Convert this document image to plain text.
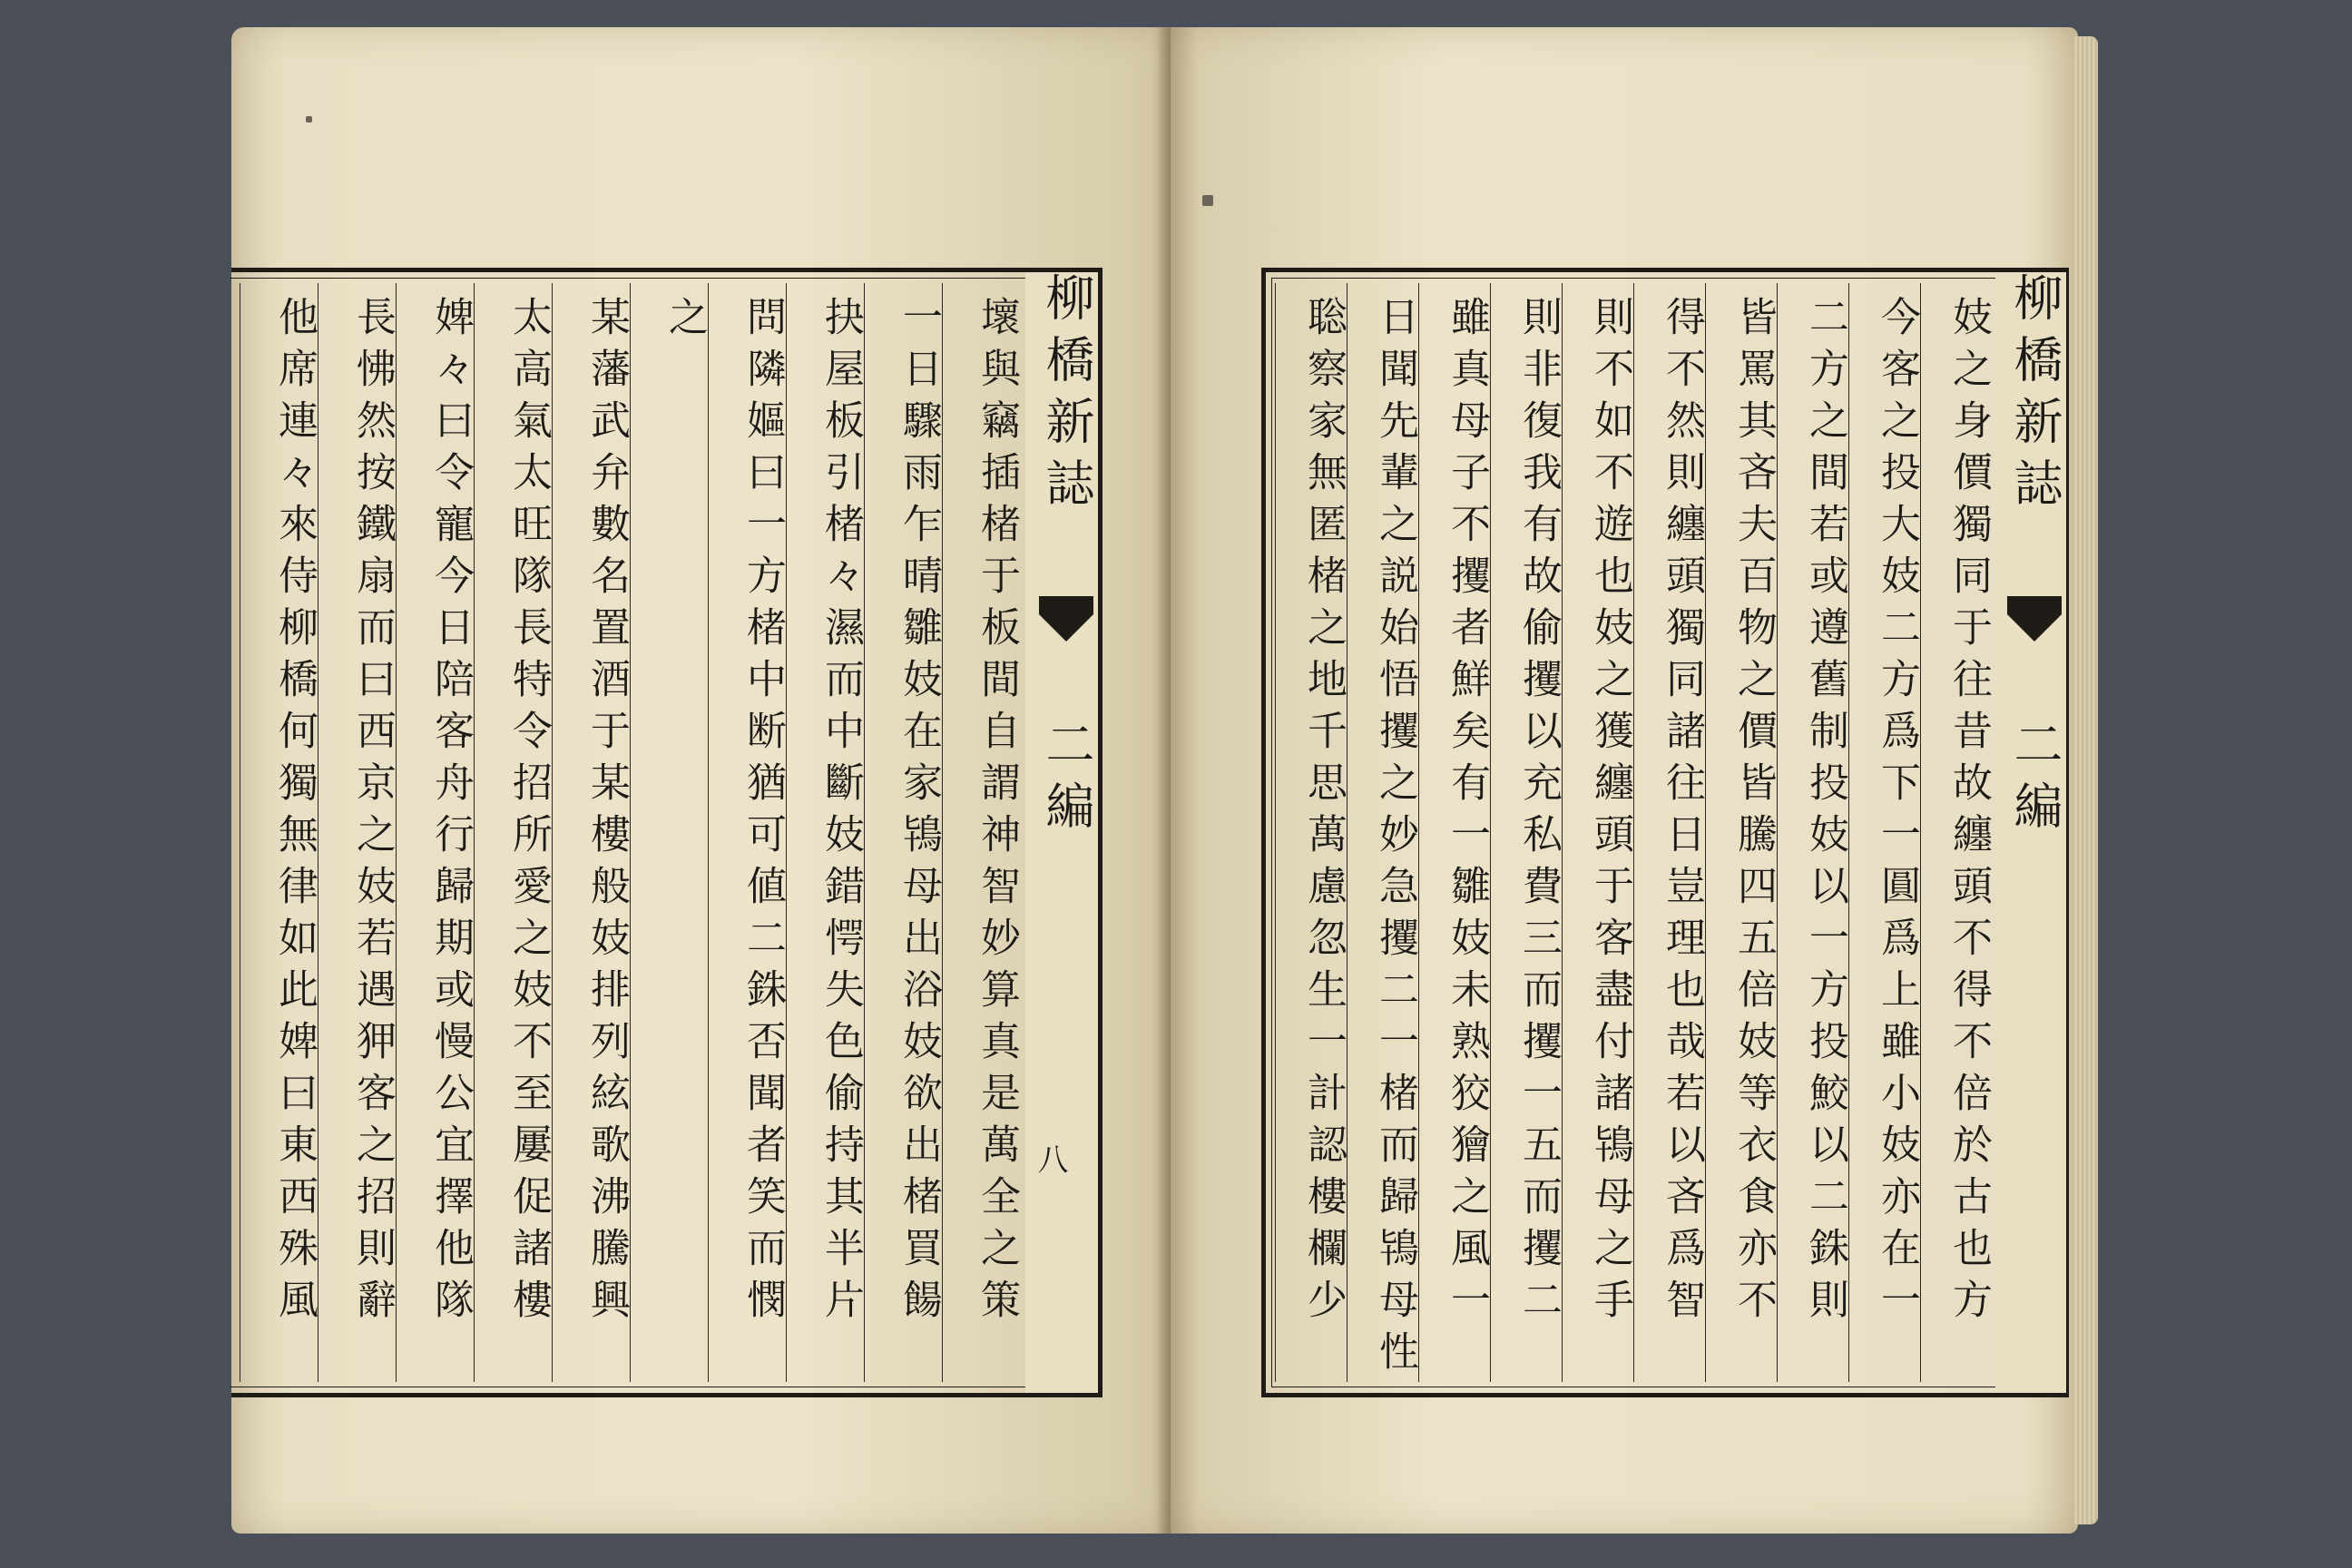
壞與竊插楮于板間自謂神智妙算真是萬全之策
一日驟雨乍晴雛妓在家鴇母出浴妓欲出楮買餳
抉屋板引楮々濕而中斷妓錯愕失色偷持其半片
問隣嫗曰一方楮中断猶可値二銖否聞者笑而憫
之
某藩武弁數名置酒于某樓般妓排列絃歌沸騰興
太高氣太旺隊長特令招所愛之妓不至屢促諸樓
婢々曰令寵今日陪客舟行歸期或慢公宜擇他隊
長怫然按鐵扇而曰西京之妓若遇狎客之招則辭
他席連々來侍柳橋何獨無律如此婢曰東西殊風	柳橋新誌  二編
八	妓之身價獨同于往昔故纏頭不得不倍於古也方
今客之投大妓二方爲下一圓爲上雖小妓亦在一
二方之間若或遵舊制投妓以一方投鮫以二銖則
皆罵其吝夫百物之價皆騰四五倍妓等衣食亦不
得不然則纏頭獨同諸往日豈理也哉若以吝爲智
則不如不遊也妓之獲纏頭于客盡付諸鴇母之手
則非復我有故偷攫以充私費三而攫一五而攫二
雖真母子不攫者鮮矣有一雛妓未熟狡獪之風一
日聞先輩之説始悟攫之妙急攫二一楮而歸鴇母性
聡察家無匿楮之地千思萬慮忽生一計認樓欄少	柳橋新誌  二編
